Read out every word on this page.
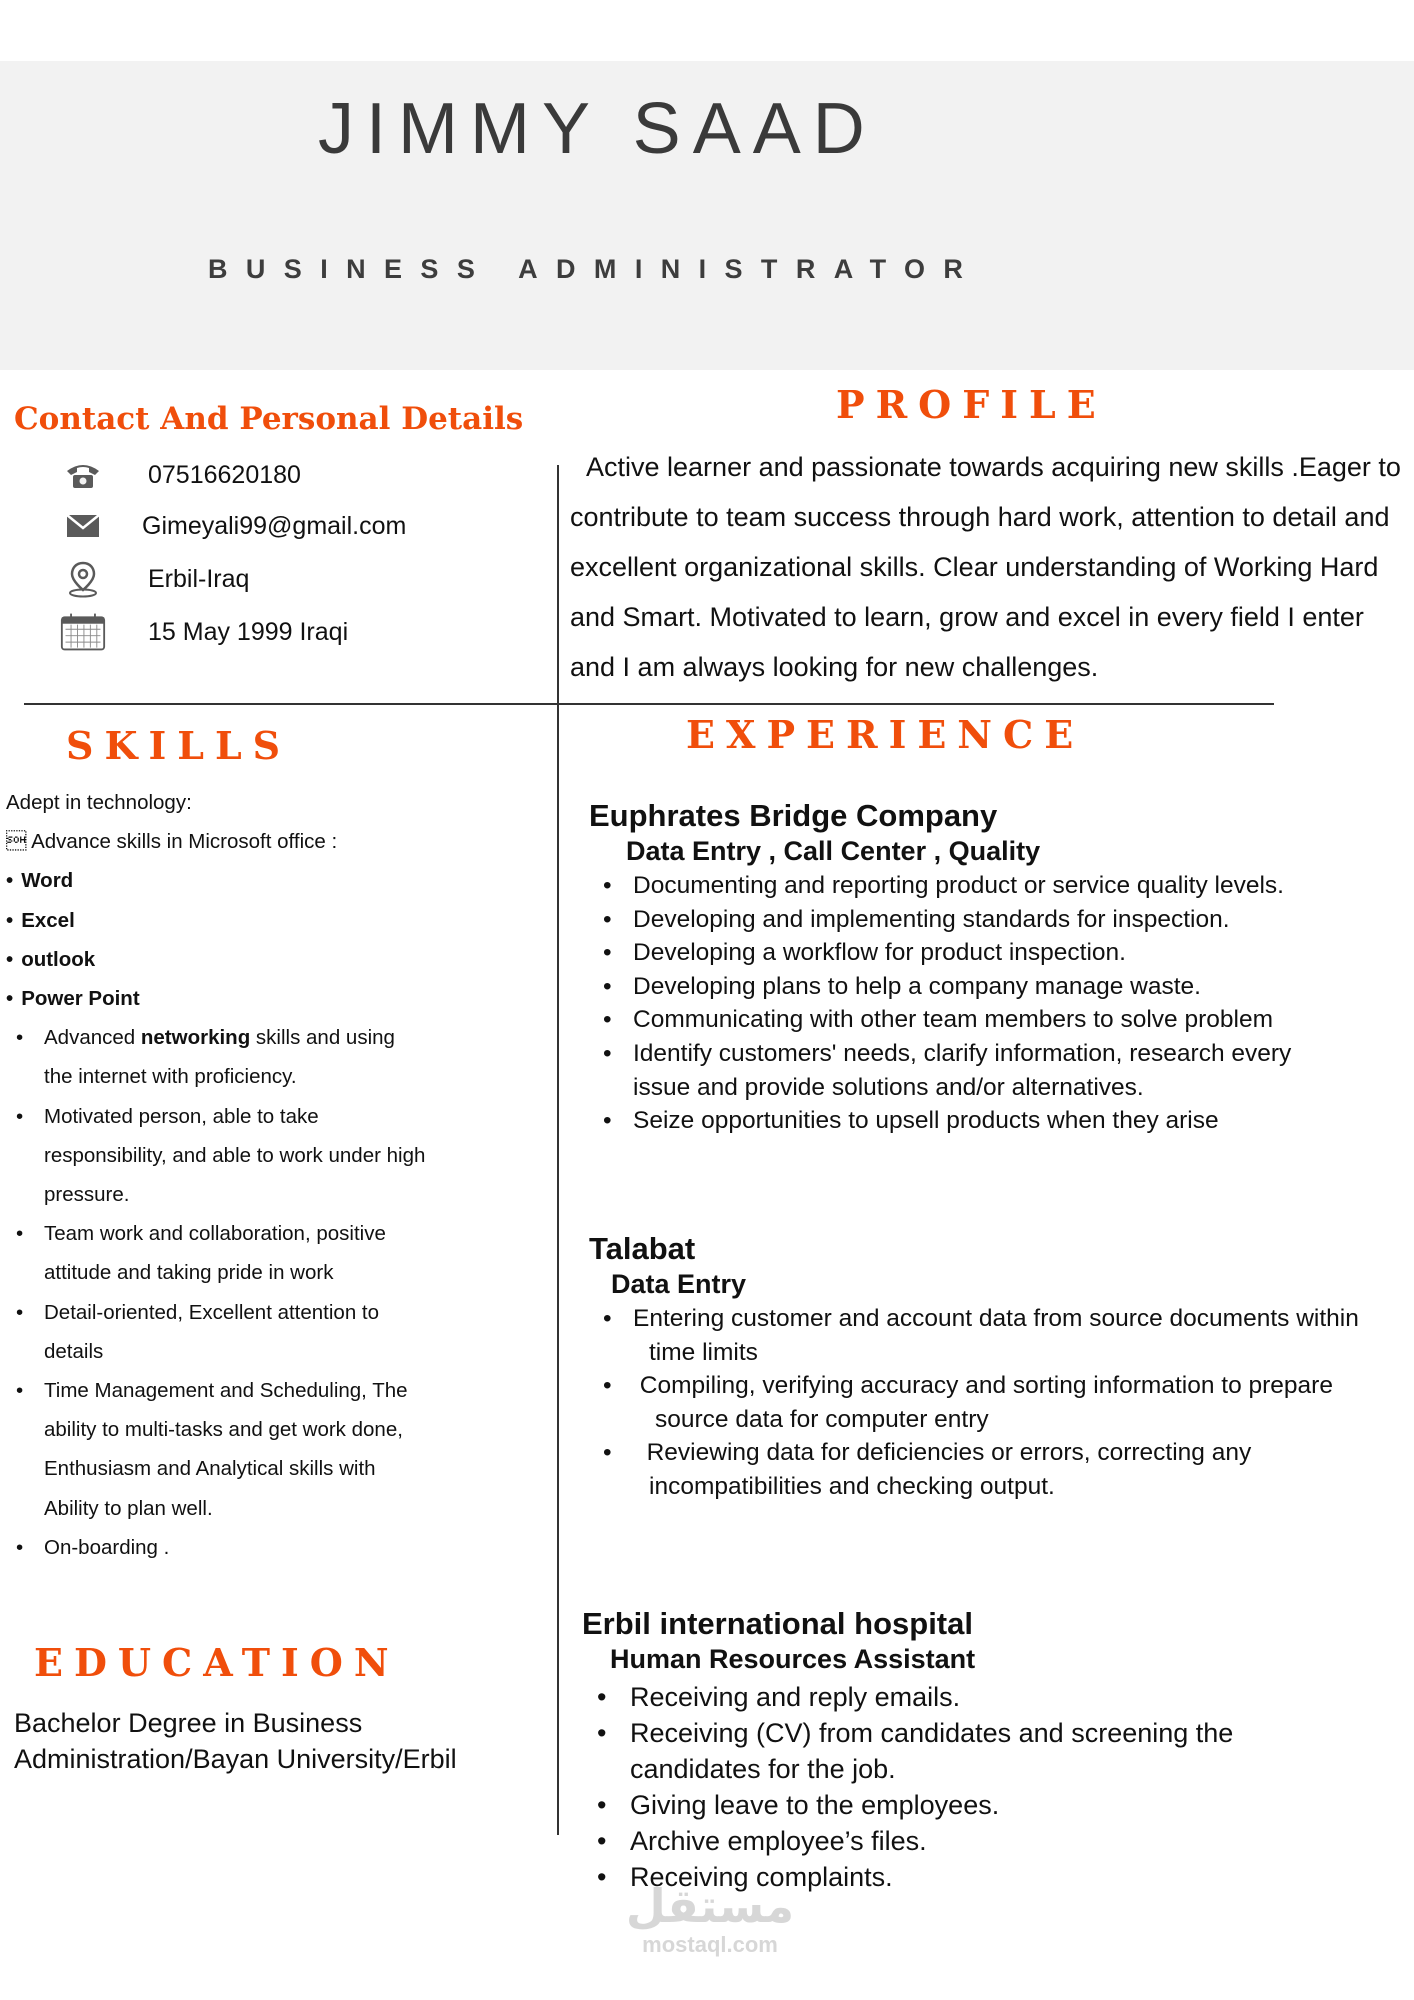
JIMMY SAAD
BUSINESS ADMINISTRATOR
Contact And Personal Details
07516620180
Gimeyali99@gmail.com
Erbil-Iraq
15 May 1999 Iraqi
PROFILE
Active learner and passionate towards acquiring new skills .Eager to contribute to team success through hard work, attention to detail and excellent organizational skills. Clear understanding of Working Hard and Smart. Motivated to learn, grow and excel in every field I enter and I am always looking for new challenges.
SKILLS
Adept in technology:
 Advance skills in Microsoft office :
• Word
• Excel
• outlook
• Power Point
• Advanced networking skills and using the internet with proficiency.
• Motivated person, able to take responsibility, and able to work under high pressure.
• Team work and collaboration, positive attitude and taking pride in work
• Detail-oriented, Excellent attention to details
• Time Management and Scheduling, The ability to multi-tasks and get work done, Enthusiasm and Analytical skills with Ability to plan well.
• On-boarding .
EDUCATION
Bachelor Degree in Business Administration/Bayan University/Erbil
EXPERIENCE
Euphrates Bridge Company
Data Entry , Call Center , Quality
• Documenting and reporting product or service quality levels.
• Developing and implementing standards for inspection.
• Developing a workflow for product inspection.
• Developing plans to help a company manage waste.
• Communicating with other team members to solve problem
• Identify customers' needs, clarify information, research every issue and provide solutions and/or alternatives.
• Seize opportunities to upsell products when they arise
Talabat
Data Entry
• Entering customer and account data from source documents within
time limits
•  Compiling, verifying accuracy and sorting information to prepare
source data for computer entry
•   Reviewing data for deficiencies or errors, correcting any
incompatibilities and checking output.
Erbil international hospital
Human Resources Assistant
• Receiving and reply emails.
• Receiving (CV) from candidates and screening the candidates for the job.
• Giving leave to the employees.
• Archive employee’s files.
• Receiving complaints.
مستقل
mostaql.com
